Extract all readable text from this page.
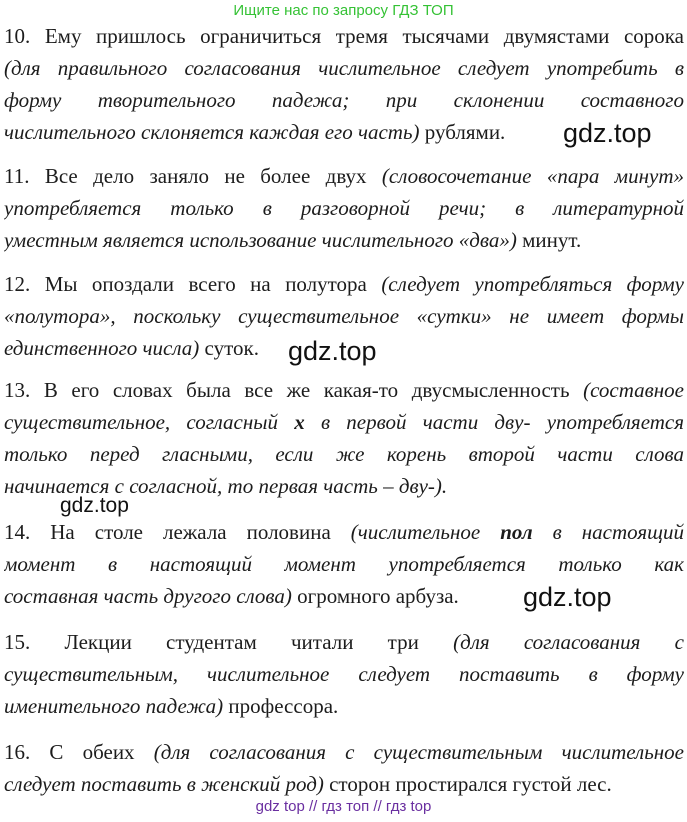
Ищите нас по запросу ГДЗ ТОП
10. Ему пришлось ограничиться тремя тысячами двумястами сорока
(для правильного согласования числительное следует употребить в
форму творительного падежа; при склонении составного
числительного склоняется каждая его часть) рублями.
11. Все дело заняло не более двух (словосочетание «пара минут»
употребляется только в разговорной речи; в литературной
уместным является использование числительного «два») минут.
12. Мы опоздали всего на полутора (следует употребляться форму
«полутора», поскольку существительное «сутки» не имеет формы
единственного числа) суток.
13. В его словах была все же какая-то двусмысленность (составное
существительное, согласный х в первой части дву- употребляется
только перед гласными, если же корень второй части слова
начинается с согласной, то первая часть – дву-).
14. На столе лежала половина (числительное пол в настоящий
момент в настоящий момент употребляется только как
составная часть другого слова) огромного арбуза.
15. Лекции студентам читали три (для согласования с
существительным, числительное следует поставить в форму
именительного падежа) профессора.
16. С обеих (для согласования с существительным числительное
следует поставить в женский род) сторон простирался густой лес.
gdz.top
gdz.top
gdz.top
gdz.top
gdz top // гдз топ // гдз top
